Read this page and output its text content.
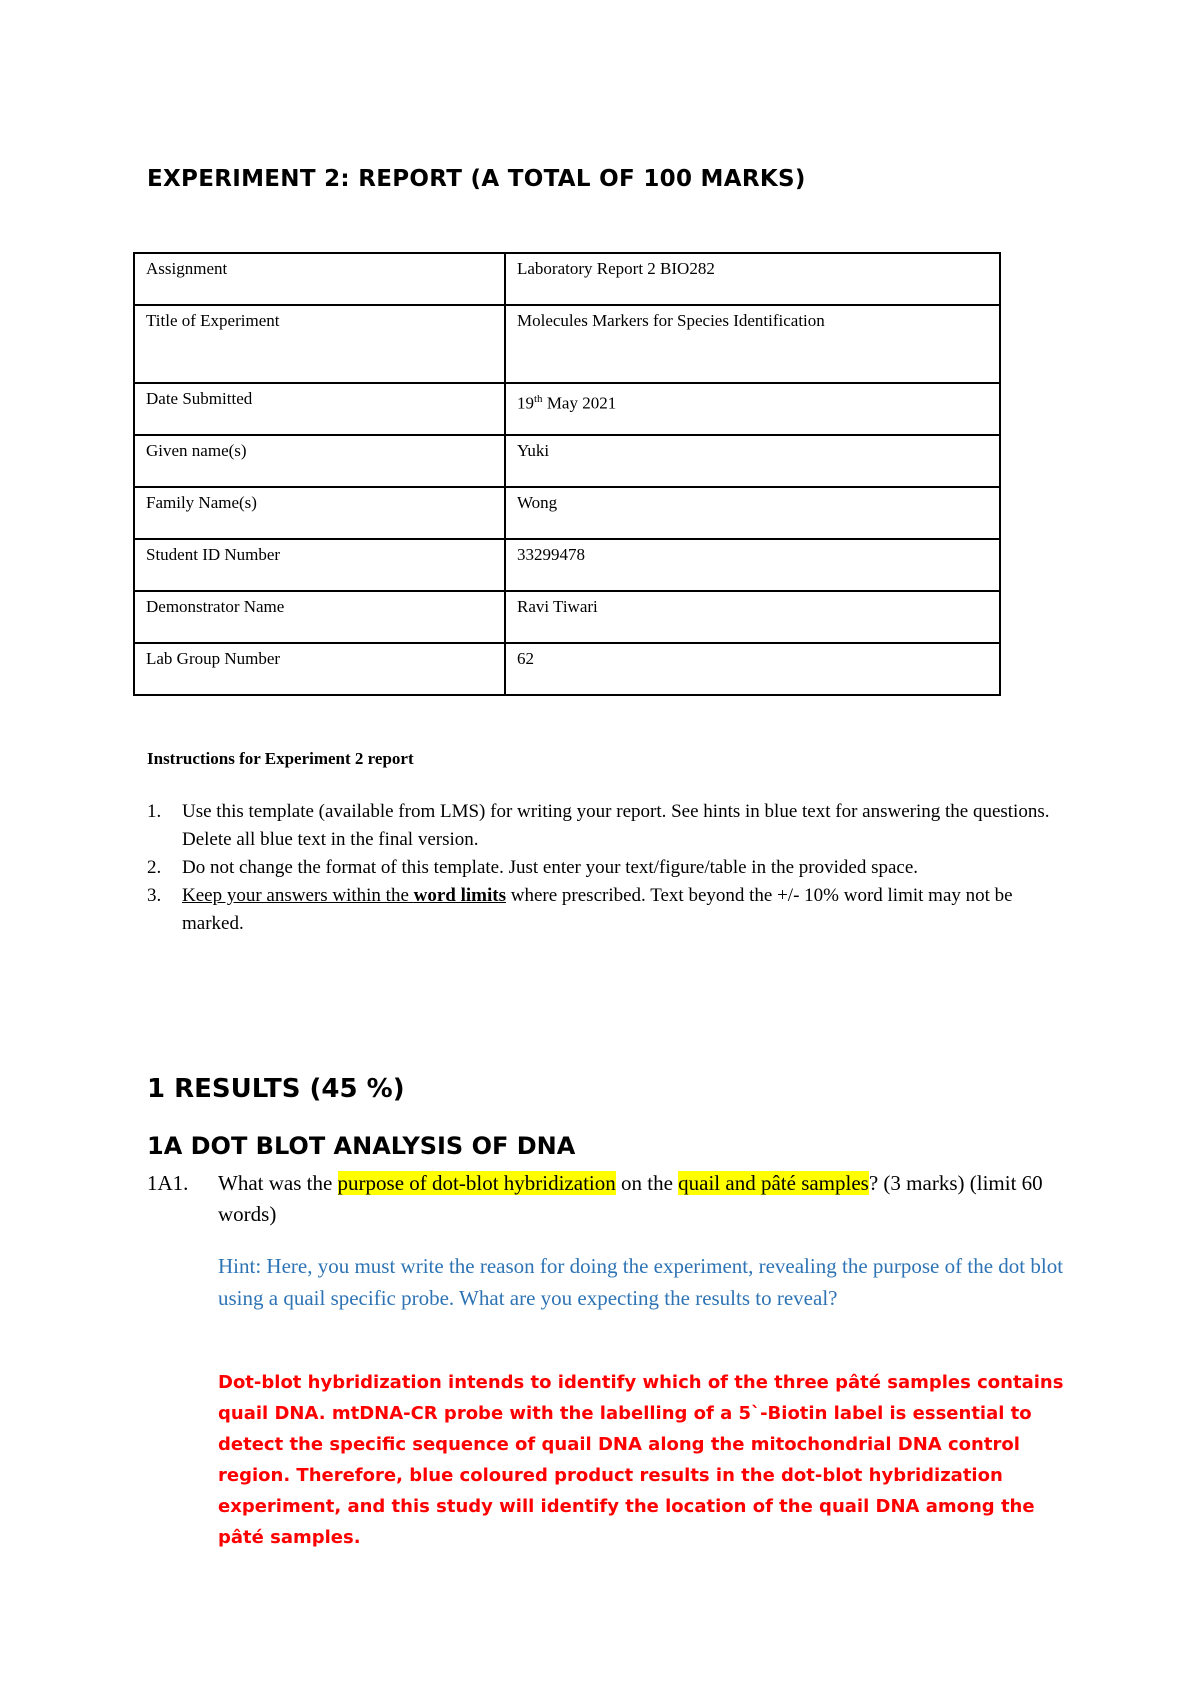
EXPERIMENT 2: REPORT (A TOTAL OF 100 MARKS)
Assignment	Laboratory Report 2 BIO282
Title of Experiment	Molecules Markers for Species Identification
Date Submitted	19th May 2021
Given name(s)	Yuki
Family Name(s)	Wong
Student ID Number	33299478
Demonstrator Name	Ravi Tiwari
Lab Group Number	62
Instructions for Experiment 2 report
1. Use this template (available from LMS) for writing your report. See hints in blue text for answering the questions. Delete all blue text in the final version.
2. Do not change the format of this template. Just enter your text/figure/table in the provided space.
3. Keep your answers within the word limits where prescribed. Text beyond the +/- 10% word limit may not be marked.
1 RESULTS (45 %)
1A DOT BLOT ANALYSIS OF DNA
1A1. What was the purpose of dot-blot hybridization on the quail and pâté samples? (3 marks) (limit 60 words)
Hint: Here, you must write the reason for doing the experiment, revealing the purpose of the dot blot using a quail specific probe. What are you expecting the results to reveal?
Dot-blot hybridization intends to identify which of the three pâté samples contains quail DNA. mtDNA-CR probe with the labelling of a 5`-Biotin label is essential to detect the specific sequence of quail DNA along the mitochondrial DNA control region. Therefore, blue coloured product results in the dot-blot hybridization experiment, and this study will identify the location of the quail DNA among the pâté samples.
